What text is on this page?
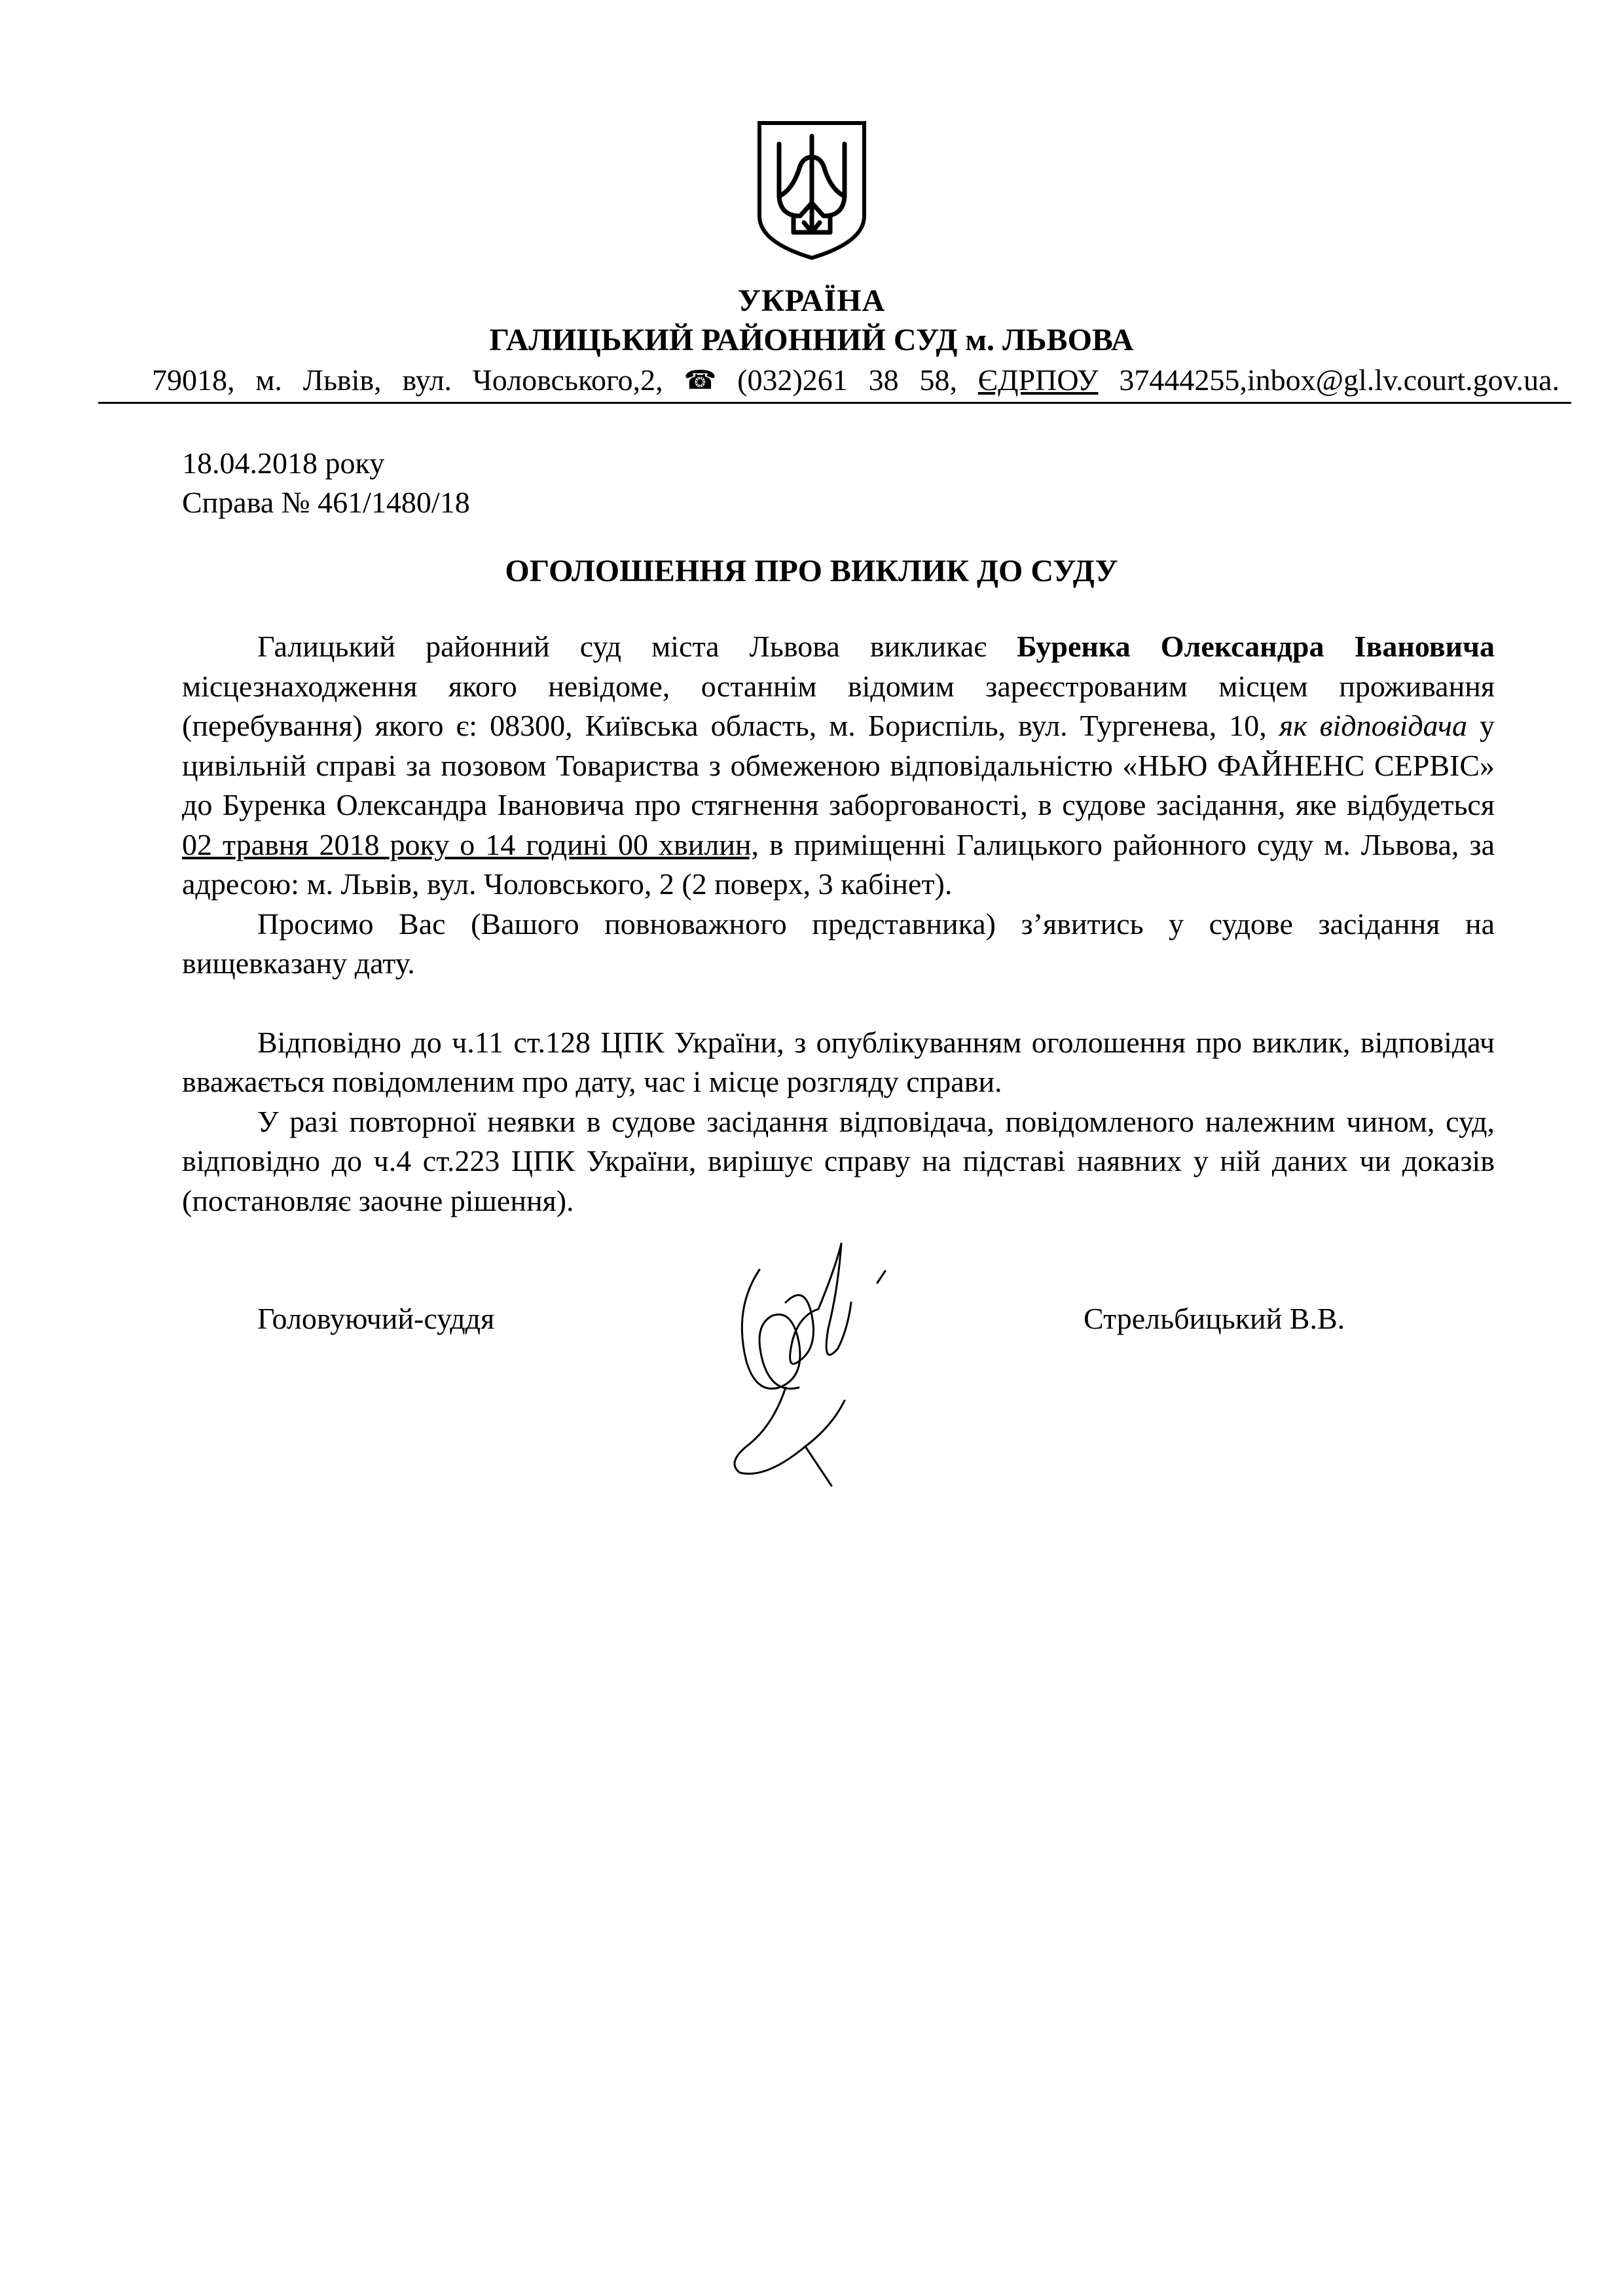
УКРАЇНА
ГАЛИЦЬКИЙ РАЙОННИЙ СУД м. ЛЬВОВА
79018, м. Львів, вул. Чоловського,2, ☎ (032)261 38 58, ЄДРПОУ 37444255,inbox@gl.lv.court.gov.ua.
18.04.2018 року
Справа № 461/1480/18
ОГОЛОШЕННЯ ПРО ВИКЛИК ДО СУДУ

Галицький районний суд міста Львова викликає Буренка Олександра Івановича місцезнаходження якого невідоме, останнім відомим зареєстрованим місцем проживання (перебування) якого є: 08300, Київська область, м. Бориспіль, вул. Тургенева, 10, як відповідача у цивільній справі за позовом Товариства з обмеженою відповідальністю «НЬЮ ФАЙНЕНС СЕРВІС» до Буренка Олександра Івановича про стягнення заборгованості, в судове засідання, яке відбудеться 02 травня 2018 року о 14 годині 00 хвилин, в приміщенні Галицького районного суду м. Львова, за адресою: м. Львів, вул. Чоловського, 2 (2 поверх, 3 кабінет).

Просимо Вас (Вашого повноважного представника) з’явитись у судове засідання на вищевказану дату.

Відповідно до ч.11 ст.128 ЦПК України, з опублікуванням оголошення про виклик, відповідач вважається повідомленим про дату, час і місце розгляду справи.

У разі повторної неявки в судове засідання відповідача, повідомленого належним чином, суд, відповідно до ч.4 ст.223 ЦПК України, вирішує справу на підставі наявних у ній даних чи доказів (постановляє заочне рішення).

Головуючий-суддя	Стрельбицький В.В.
